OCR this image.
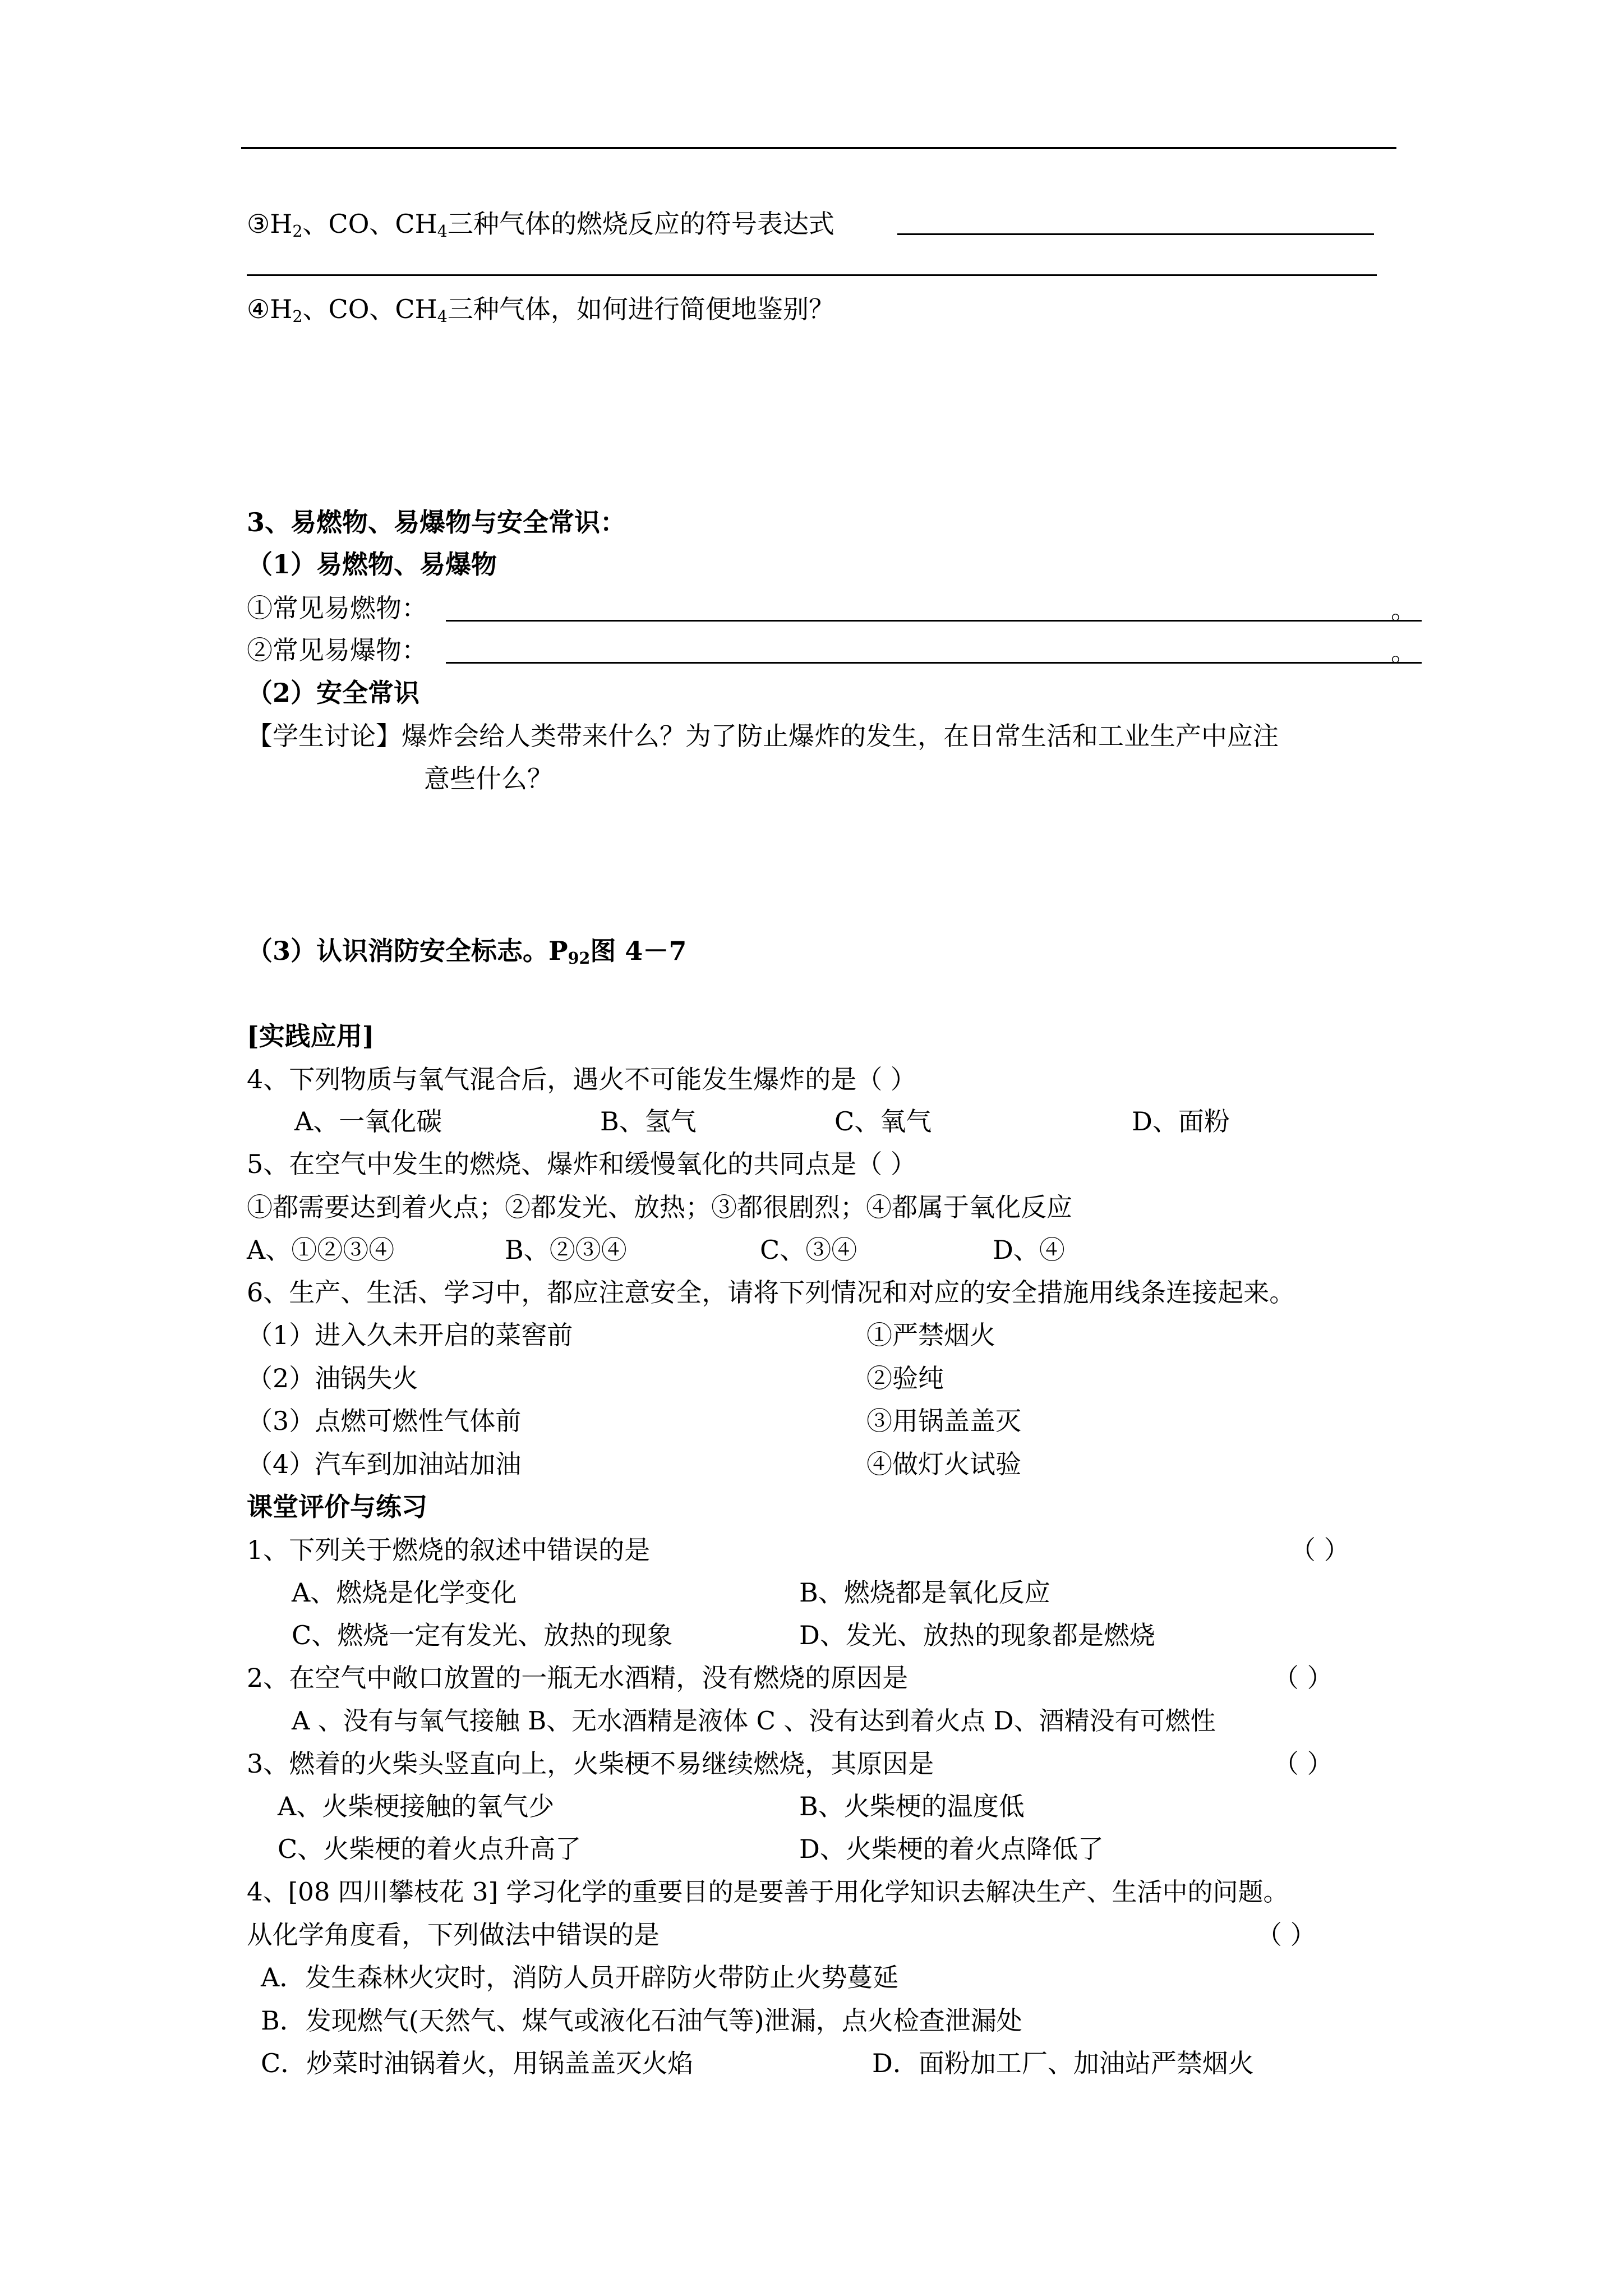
$③H_2$、CO、$CH_4$三种气体的燃烧反应的符号表达式
$④H_2$、CO、$CH_4$三种气体，如何进行简便地鉴别？
3、易燃物、易爆物与安全常识：
（1）易燃物、易爆物
①常见易燃物：	。
②常见易爆物：	。
（2）安全常识
【学生讨论】爆炸会给人类带来什么？为了防止爆炸的发生，在日常生活和工业生产中应注
意些什么？
（3）认识消防安全标志。$P_{92}$图 4－7
[实践应用]
4、下列物质与氧气混合后，遇火不可能发生爆炸的是（ ）
A、一氧化碳	B、氢气	C、氧气	D、面粉
5、在空气中发生的燃烧、爆炸和缓慢氧化的共同点是（ ）
①都需要达到着火点；②都发光、放热；③都很剧烈；④都属于氧化反应
A、①②③④	B、②③④	C、③④	D、④
6、生产、生活、学习中，都应注意安全，请将下列情况和对应的安全措施用线条连接起来。
（1）进入久未开启的菜窖前	①严禁烟火
（2）油锅失火	②验纯
（3）点燃可燃性气体前	③用锅盖盖灭
（4）汽车到加油站加油	④做灯火试验
课堂评价与练习
1、下列关于燃烧的叙述中错误的是	（ ）
A、燃烧是化学变化	B、燃烧都是氧化反应
C、燃烧一定有发光、放热的现象	D、发光、放热的现象都是燃烧
2、在空气中敞口放置的一瓶无水酒精，没有燃烧的原因是	（ ）
A 、没有与氧气接触 B、无水酒精是液体 C 、没有达到着火点 D、酒精没有可燃性
3、燃着的火柴头竖直向上，火柴梗不易继续燃烧，其原因是	（ ）
A、火柴梗接触的氧气少	B、火柴梗的温度低
C、火柴梗的着火点升高了	D、火柴梗的着火点降低了
4、[08 四川攀枝花 3] 学习化学的重要目的是要善于用化学知识去解决生产、生活中的问题。
从化学角度看，下列做法中错误的是	（ ）
A．发生森林火灾时，消防人员开辟防火带防止火势蔓延
B．发现燃气(天然气、煤气或液化石油气等)泄漏，点火检查泄漏处
C．炒菜时油锅着火，用锅盖盖灭火焰	D．面粉加工厂、加油站严禁烟火
